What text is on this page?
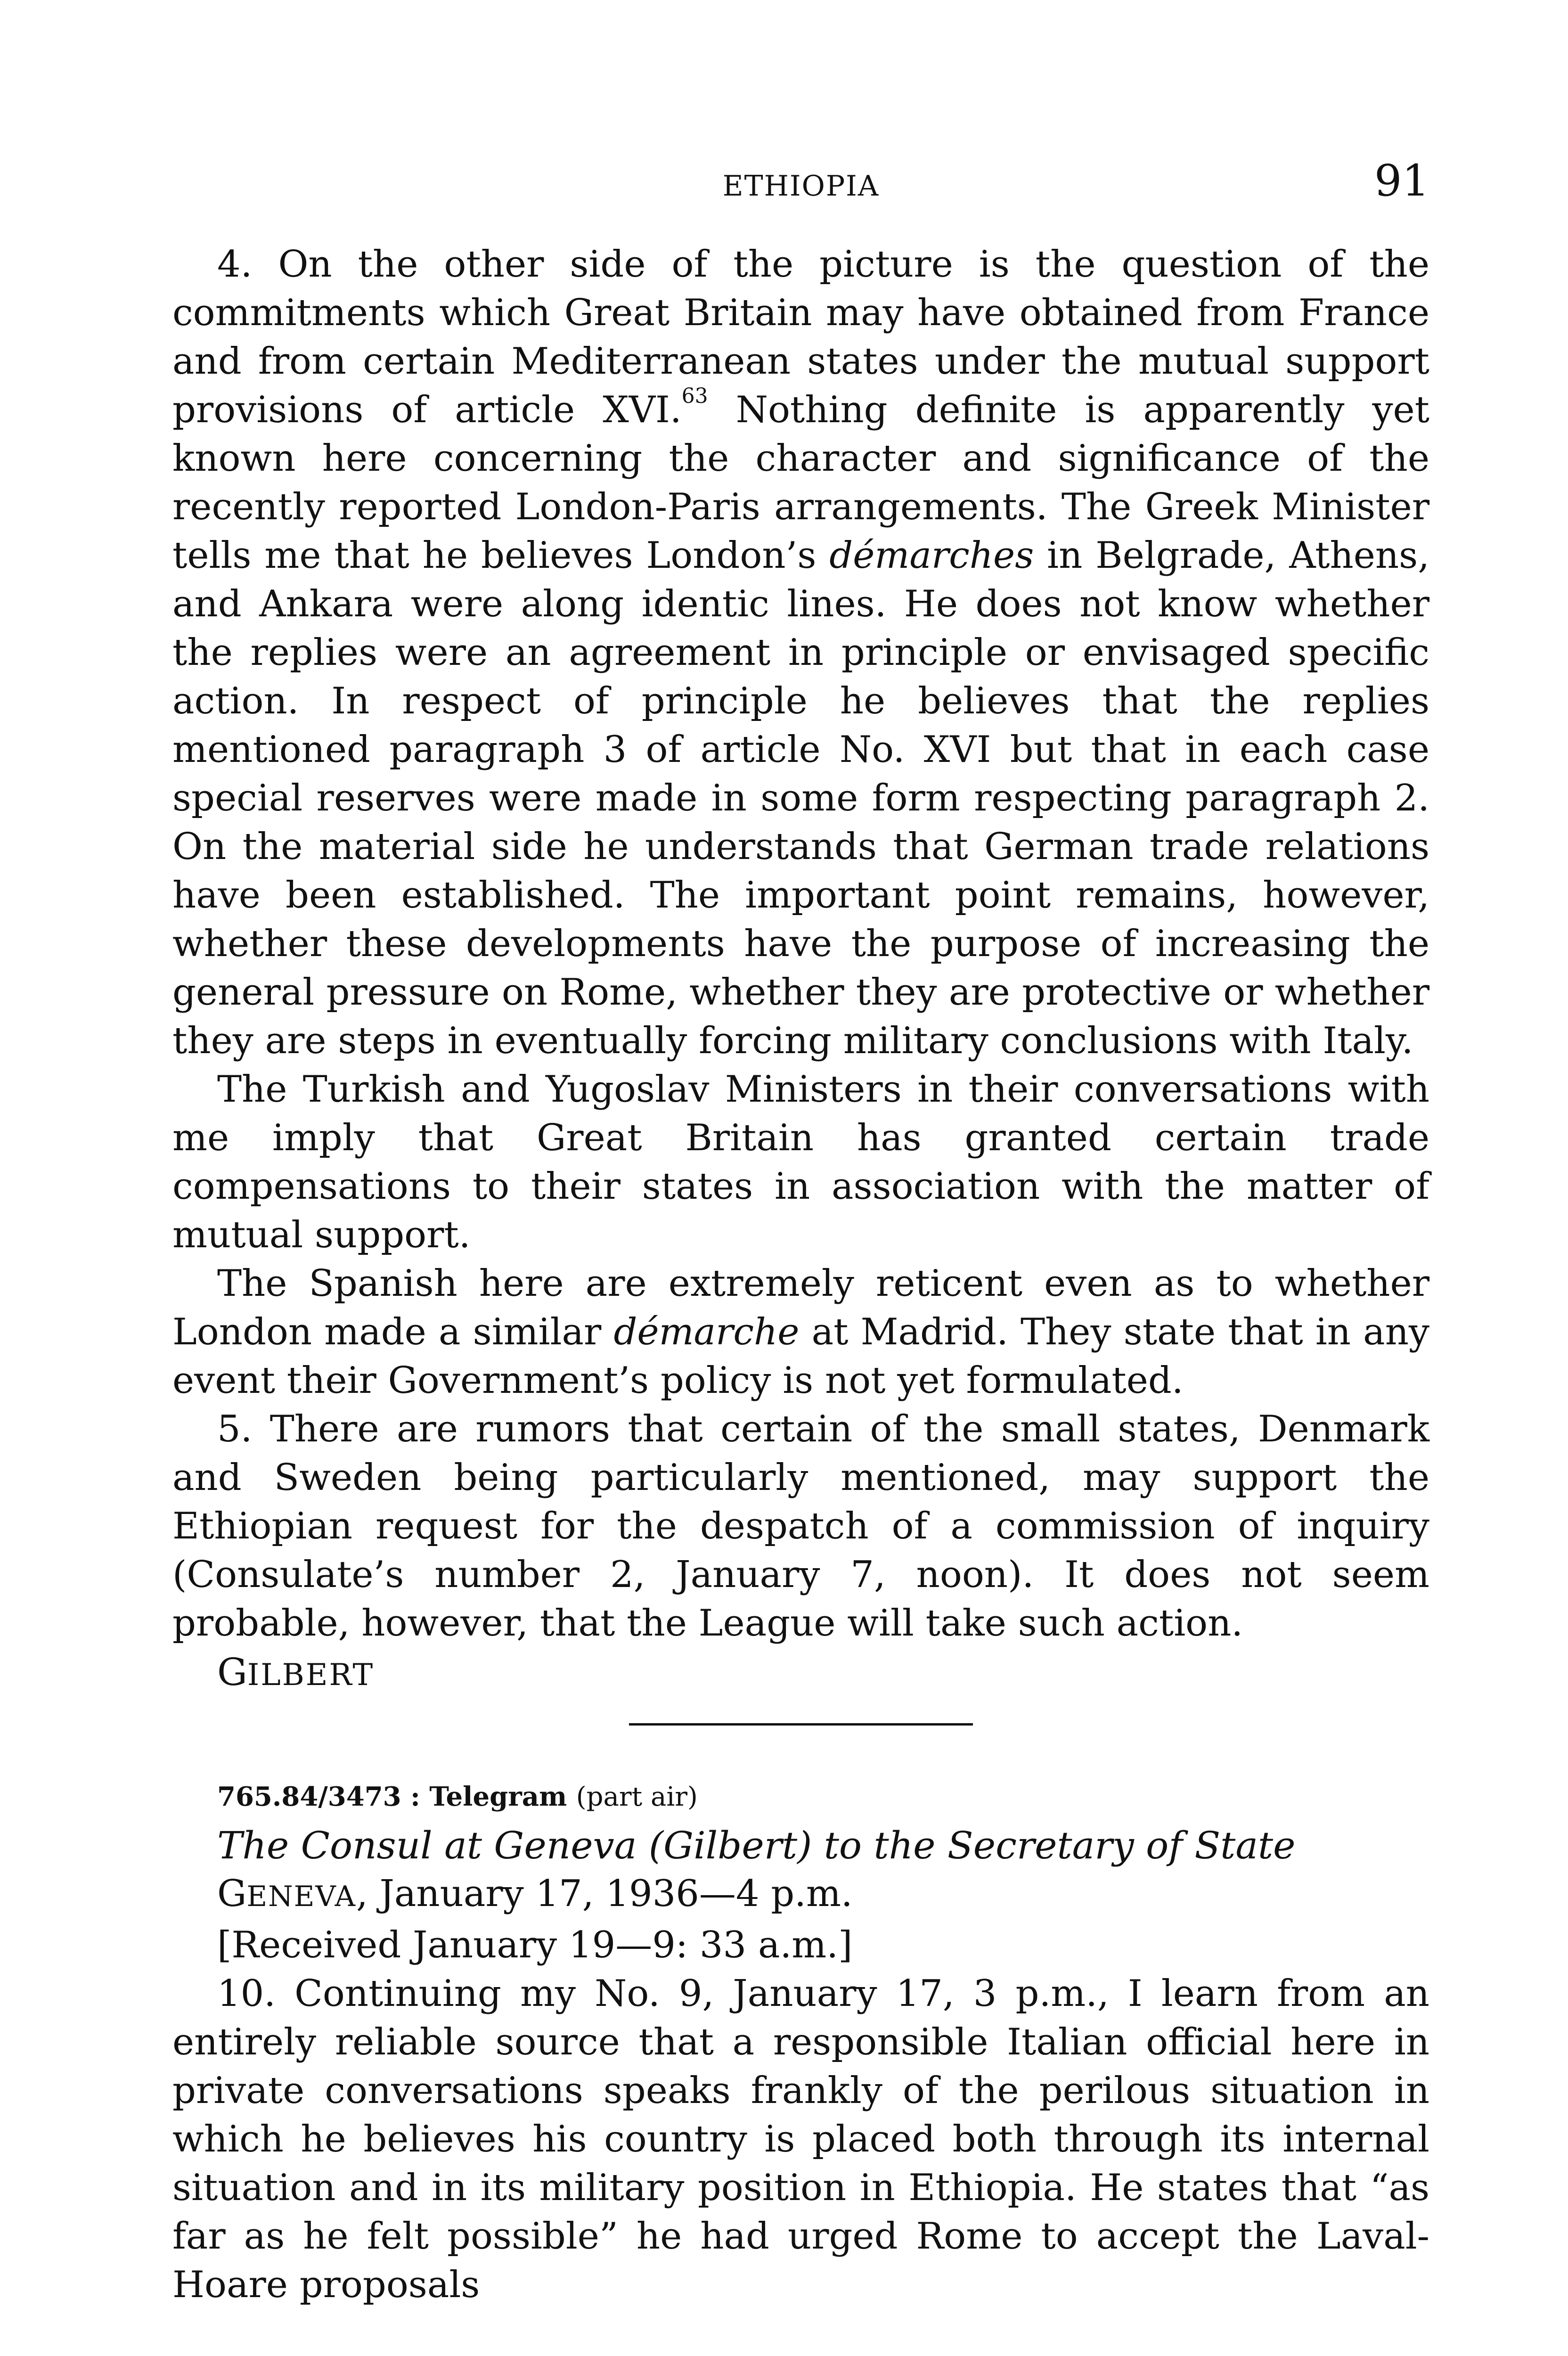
ETHIOPIA	91

4. On the other side of the picture is the question of the commitments which Great Britain may have obtained from France and from certain Mediterranean states under the mutual support provisions of article XVI.$^{63}$ Nothing definite is apparently yet known here concerning the character and significance of the recently reported London-Paris arrangements. The Greek Minister tells me that he believes London’s démarches in Belgrade, Athens, and Ankara were along identic lines. He does not know whether the replies were an agreement in principle or envisaged specific action. In respect of principle he believes that the replies mentioned paragraph 3 of article No. XVI but that in each case special reserves were made in some form respecting paragraph 2. On the material side he understands that German trade relations have been established. The important point remains, however, whether these developments have the purpose of increasing the general pressure on Rome, whether they are protective or whether they are steps in eventually forcing military conclusions with Italy.

The Turkish and Yugoslav Ministers in their conversations with me imply that Great Britain has granted certain trade compensations to their states in association with the matter of mutual support.

The Spanish here are extremely reticent even as to whether London made a similar démarche at Madrid. They state that in any event their Government’s policy is not yet formulated.

5. There are rumors that certain of the small states, Denmark and Sweden being particularly mentioned, may support the Ethiopian request for the despatch of a commission of inquiry (Consulate’s number 2, January 7, noon). It does not seem probable, however, that the League will take such action.

GILBERT

765.84/3473 : Telegram (part air)

The Consul at Geneva (Gilbert) to the Secretary of State

GENEVA, January 17, 1936—4 p.m.

[Received January 19—9: 33 a.m.]

10. Continuing my No. 9, January 17, 3 p.m., I learn from an entirely reliable source that a responsible Italian official here in private conversations speaks frankly of the perilous situation in which he believes his country is placed both through its internal situation and in its military position in Ethiopia. He states that “as far as he felt possible” he had urged Rome to accept the Laval-Hoare proposals
